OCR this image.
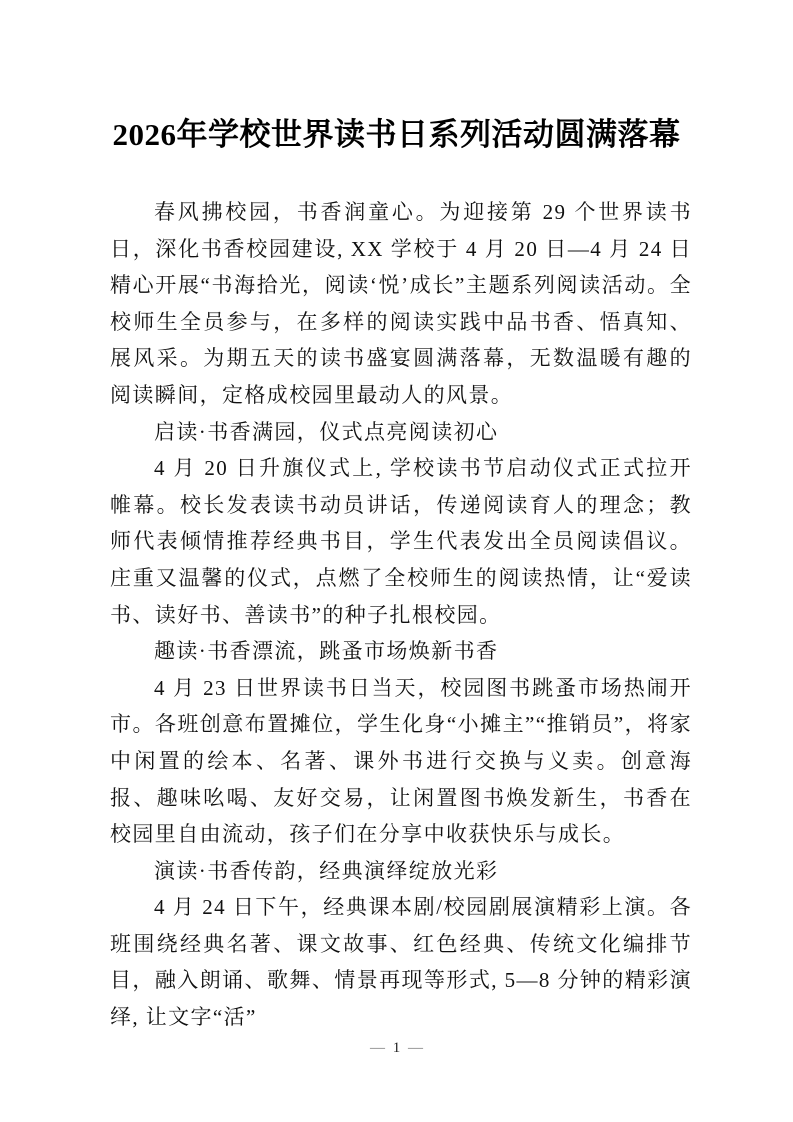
2026年学校世界读书日系列活动圆满落幕

春风拂校园，书香润童心。为迎接第 29 个世界读书日，深化书香校园建设, XX 学校于 4 月 20 日—4 月 24 日精心开展“书海拾光，阅读‘悦’成长”主题系列阅读活动。全校师生全员参与，在多样的阅读实践中品书香、悟真知、展风采。为期五天的读书盛宴圆满落幕，无数温暖有趣的阅读瞬间，定格成校园里最动人的风景。

启读·书香满园，仪式点亮阅读初心

4 月 20 日升旗仪式上, 学校读书节启动仪式正式拉开帷幕。校长发表读书动员讲话，传递阅读育人的理念；教师代表倾情推荐经典书目，学生代表发出全员阅读倡议。庄重又温馨的仪式，点燃了全校师生的阅读热情，让“爱读书、读好书、善读书”的种子扎根校园。

趣读·书香漂流，跳蚤市场焕新书香

4 月 23 日世界读书日当天，校园图书跳蚤市场热闹开市。各班创意布置摊位，学生化身“小摊主”“推销员”，将家中闲置的绘本、名著、课外书进行交换与义卖。创意海报、趣味吆喝、友好交易，让闲置图书焕发新生，书香在校园里自由流动，孩子们在分享中收获快乐与成长。

演读·书香传韵，经典演绎绽放光彩

4 月 24 日下午，经典课本剧/校园剧展演精彩上演。各班围绕经典名著、课文故事、红色经典、传统文化编排节目，融入朗诵、歌舞、情景再现等形式, 5—8 分钟的精彩演绎, 让文字“活”

— 1 —
